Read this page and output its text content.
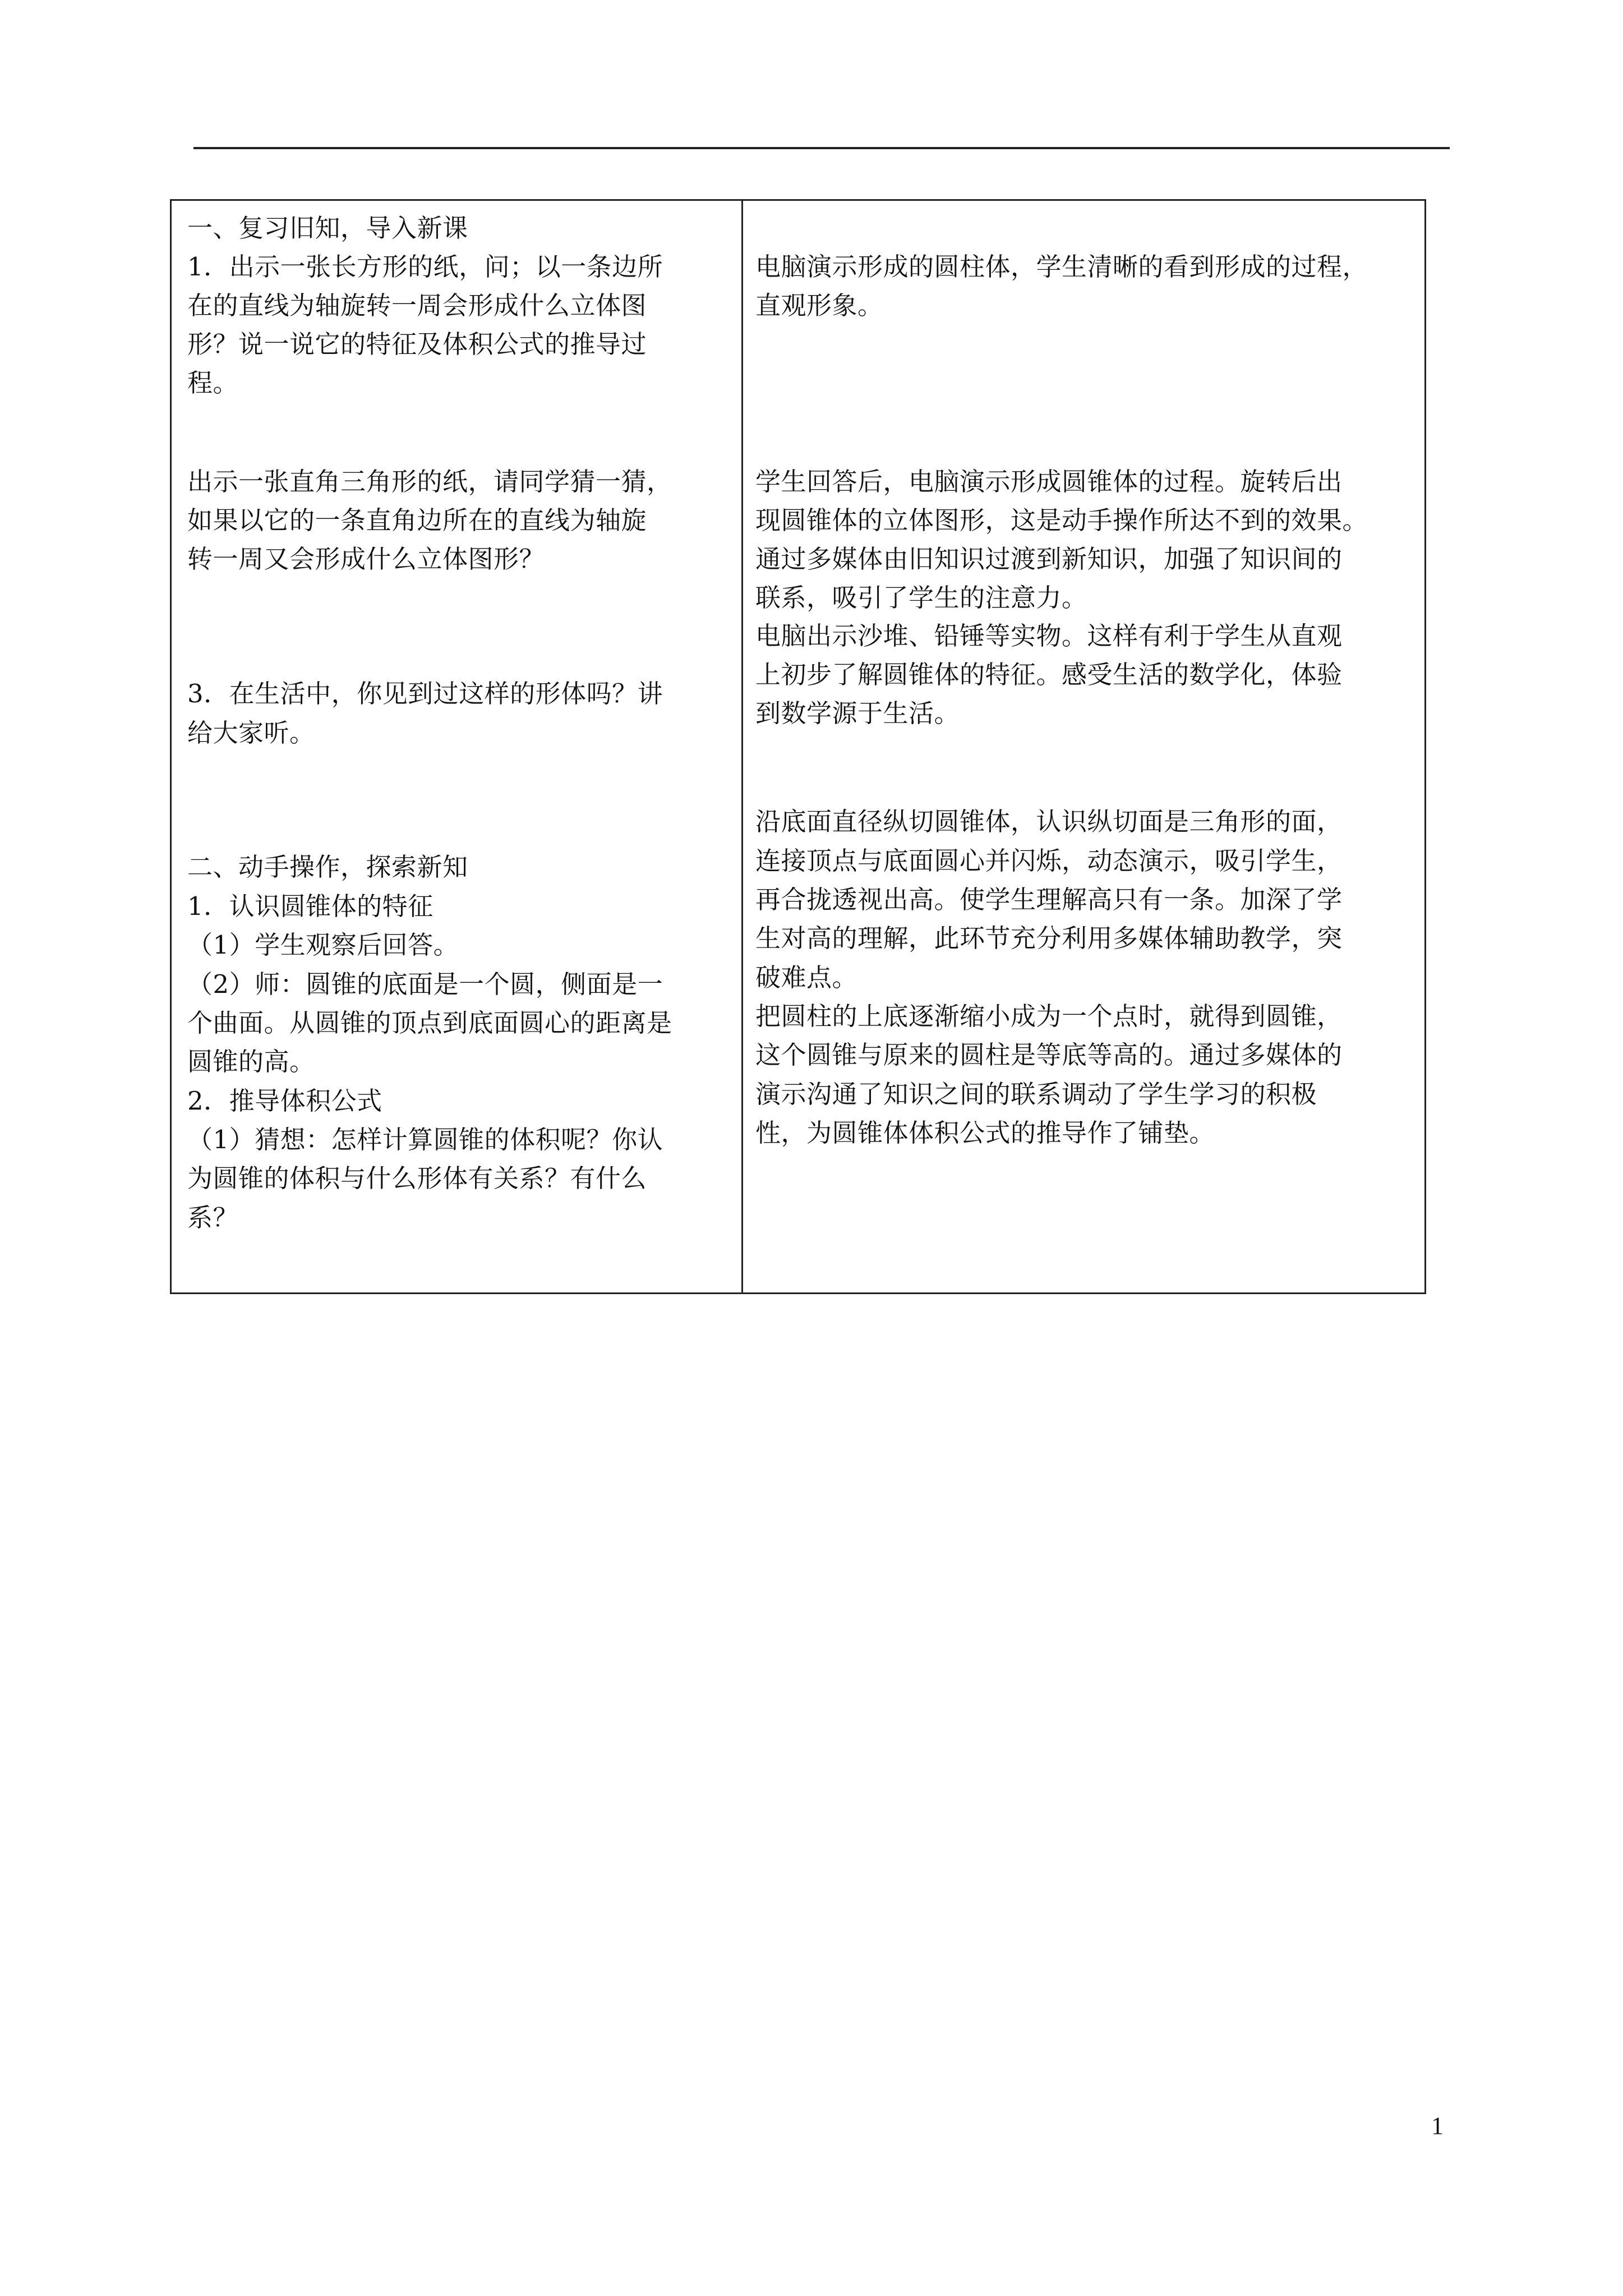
一、复习旧知，导入新课
1．出示一张长方形的纸，问；以一条边所
在的直线为轴旋转一周会形成什么立体图
形？说一说它的特征及体积公式的推导过
程。
出示一张直角三角形的纸，请同学猜一猜，
如果以它的一条直角边所在的直线为轴旋
转一周又会形成什么立体图形？
3．在生活中，你见到过这样的形体吗？讲
给大家听。
二、动手操作，探索新知
1．认识圆锥体的特征
（1）学生观察后回答。
（2）师：圆锥的底面是一个圆，侧面是一
个曲面。从圆锥的顶点到底面圆心的距离是
圆锥的高。
2．推导体积公式
（1）猜想：怎样计算圆锥的体积呢？你认
为圆锥的体积与什么形体有关系？有什么
系？
电脑演示形成的圆柱体，学生清晰的看到形成的过程，
直观形象。
学生回答后，电脑演示形成圆锥体的过程。旋转后出
现圆锥体的立体图形，这是动手操作所达不到的效果。
通过多媒体由旧知识过渡到新知识，加强了知识间的
联系，吸引了学生的注意力。
电脑出示沙堆、铅锤等实物。这样有利于学生从直观
上初步了解圆锥体的特征。感受生活的数学化，体验
到数学源于生活。
沿底面直径纵切圆锥体，认识纵切面是三角形的面，
连接顶点与底面圆心并闪烁，动态演示，吸引学生，
再合拢透视出高。使学生理解高只有一条。加深了学
生对高的理解，此环节充分利用多媒体辅助教学，突
破难点。
把圆柱的上底逐渐缩小成为一个点时，就得到圆锥，
这个圆锥与原来的圆柱是等底等高的。通过多媒体的
演示沟通了知识之间的联系调动了学生学习的积极
性，为圆锥体体积公式的推导作了铺垫。
1
